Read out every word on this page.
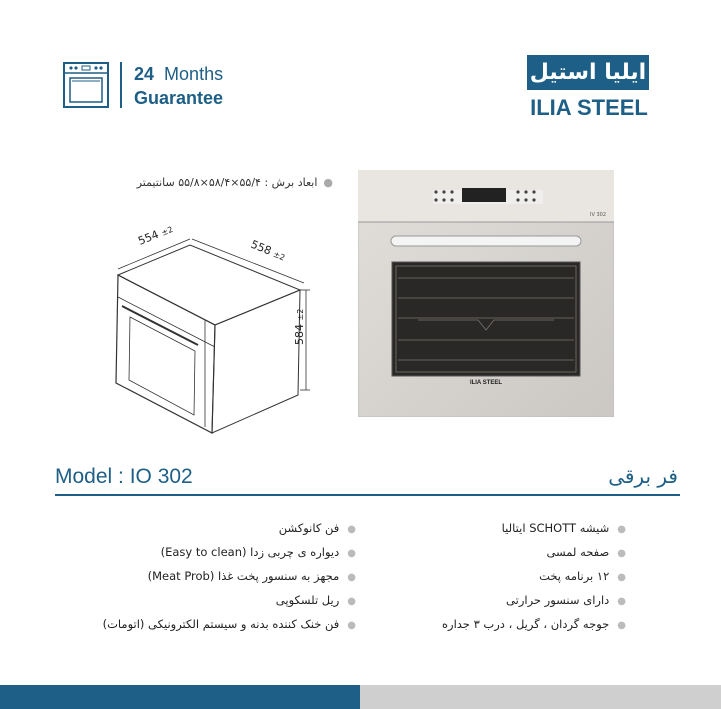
24 Months
Guarantee
ایلیا استیل
ILIA STEEL
●ابعاد برش : ۵۵/۴×۵۸/۴×۵۵/۸ سانتیمتر
554 ±2
558 ±2
584 ±2
IV 302
ILIA STEEL
Model : IO 302	فر برقی
●شیشه SCHOTT ایتالیا
●صفحه لمسی
●۱۲ برنامه پخت
●دارای سنسور حرارتی
●جوجه گردان ، گریل ، درب ۳ جداره
●فن کانوکشن
●دیواره ی چربی زدا (Easy to clean)
●مجهز به سنسور پخت غذا (Meat Prob)
●ریل تلسکوپی
●فن خنک کننده بدنه و سیستم الکترونیکی (اتومات)
